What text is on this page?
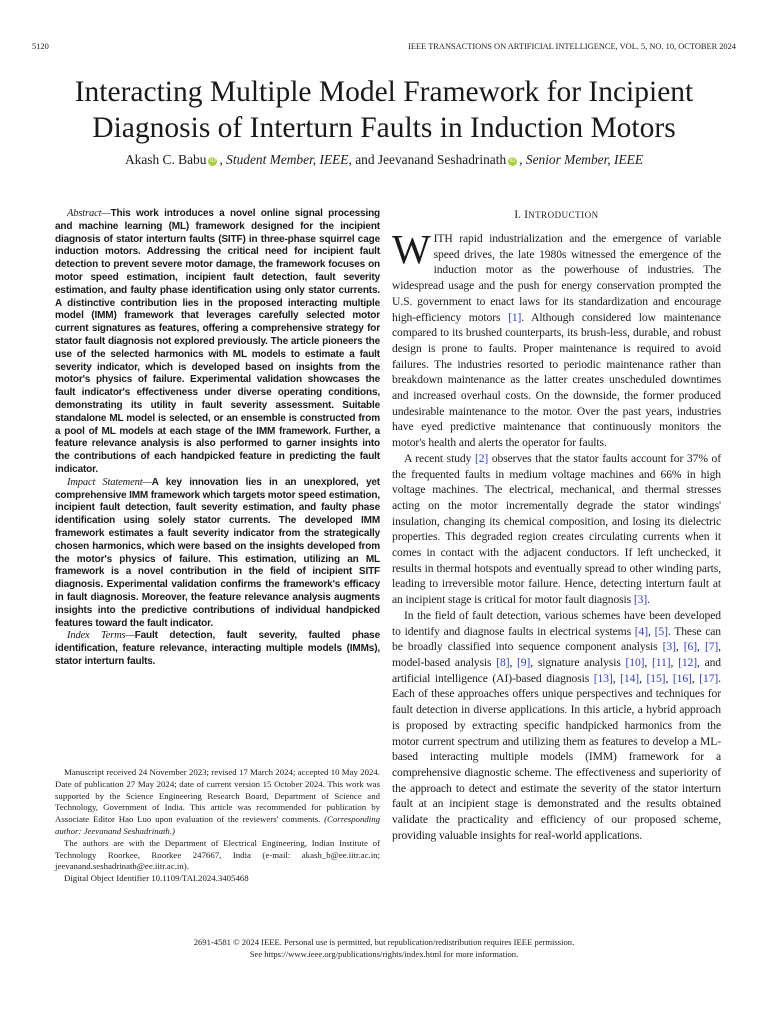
5120	IEEE TRANSACTIONS ON ARTIFICIAL INTELLIGENCE, VOL. 5, NO. 10, OCTOBER 2024
Interacting Multiple Model Framework for Incipient
Diagnosis of Interturn Faults in Induction Motors
Akash C. Babu iD , Student Member, IEEE, and Jeevanand Seshadrinath iD , Senior Member, IEEE

Abstract—This work introduces a novel online signal processing and machine learning (ML) framework designed for the incipient diagnosis of stator interturn faults (SITF) in three-phase squirrel cage induction motors. Addressing the critical need for incipient fault detection to prevent severe motor damage, the framework focuses on motor speed estimation, incipient fault detection, fault severity estimation, and faulty phase identification using only stator currents. A distinctive contribution lies in the proposed interacting multiple model (IMM) framework that leverages carefully selected motor current signatures as features, offering a comprehensive strategy for stator fault diagnosis not explored previously. The article pioneers the use of the selected harmonics with ML models to estimate a fault severity indicator, which is developed based on insights from the motor's physics of failure. Experimental validation showcases the fault indicator's effectiveness under diverse operating conditions, demonstrating its utility in fault severity assessment. Suitable standalone ML model is selected, or an ensemble is constructed from a pool of ML models at each stage of the IMM framework. Further, a feature relevance analysis is also performed to garner insights into the contributions of each handpicked feature in predicting the fault indicator.

Impact Statement—A key innovation lies in an unexplored, yet comprehensive IMM framework which targets motor speed estimation, incipient fault detection, fault severity estimation, and faulty phase identification using solely stator currents. The developed IMM framework estimates a fault severity indicator from the strategically chosen harmonics, which were based on the insights developed from the motor's physics of failure. This estimation, utilizing an ML framework is a novel contribution in the field of incipient SITF diagnosis. Experimental validation confirms the framework's efficacy in fault diagnosis. Moreover, the feature relevance analysis augments insights into the predictive contributions of individual handpicked features toward the fault indicator.

Index Terms—Fault detection, fault severity, faulted phase identification, feature relevance, interacting multiple models (IMMs), stator interturn faults.

Manuscript received 24 November 2023; revised 17 March 2024; accepted 10 May 2024. Date of publication 27 May 2024; date of current version 15 October 2024. This work was supported by the Science Engineering Research Board, Department of Science and Technology, Government of India. This article was recommended for publication by Associate Editor Hao Luo upon evaluation of the reviewers' comments. (Corresponding author: Jeevanand Seshadrinath.)

The authors are with the Department of Electrical Engineering, Indian Institute of Technology Roorkee, Roorkee 247667, India (e-mail: akash_b@ee.iitr.ac.in; jeevanand.seshadrinath@ee.iitr.ac.in).

Digital Object Identifier 10.1109/TAI.2024.3405468

I. INTRODUCTION

WITH rapid industrialization and the emergence of variable speed drives, the late 1980s witnessed the emergence of the induction motor as the powerhouse of industries. The widespread usage and the push for energy conservation prompted the U.S. government to enact laws for its standardization and encourage high-efficiency motors [1]. Although considered low maintenance compared to its brushed counterparts, its brush-less, durable, and robust design is prone to faults. Proper maintenance is required to avoid failures. The industries resorted to periodic maintenance rather than breakdown maintenance as the latter creates unscheduled downtimes and increased overhaul costs. On the downside, the former produced undesirable maintenance to the motor. Over the past years, industries have eyed predictive maintenance that continuously monitors the motor's health and alerts the operator for faults.

A recent study [2] observes that the stator faults account for 37% of the frequented faults in medium voltage machines and 66% in high voltage machines. The electrical, mechanical, and thermal stresses acting on the motor incrementally degrade the stator windings' insulation, changing its chemical composition, and losing its dielectric properties. This degraded region creates circulating currents when it comes in contact with the adjacent conductors. If left unchecked, it results in thermal hotspots and eventually spread to other winding parts, leading to irreversible motor failure. Hence, detecting interturn fault at an incipient stage is critical for motor fault diagnosis [3].

In the field of fault detection, various schemes have been developed to identify and diagnose faults in electrical systems [4], [5]. These can be broadly classified into sequence component analysis [3], [6], [7], model-based analysis [8], [9], signature analysis [10], [11], [12], and artificial intelligence (AI)-based diagnosis [13], [14], [15], [16], [17]. Each of these approaches offers unique perspectives and techniques for fault detection in diverse applications. In this article, a hybrid approach is proposed by extracting specific handpicked harmonics from the motor current spectrum and utilizing them as features to develop a ML-based interacting multiple models (IMM) framework for a comprehensive diagnostic scheme. The effectiveness and superiority of the approach to detect and estimate the severity of the stator interturn fault at an incipient stage is demonstrated and the results obtained validate the practicality and efficiency of our proposed scheme, providing valuable insights for real-world applications.

2691-4581 © 2024 IEEE. Personal use is permitted, but republication/redistribution requires IEEE permission.
See https://www.ieee.org/publications/rights/index.html for more information.
